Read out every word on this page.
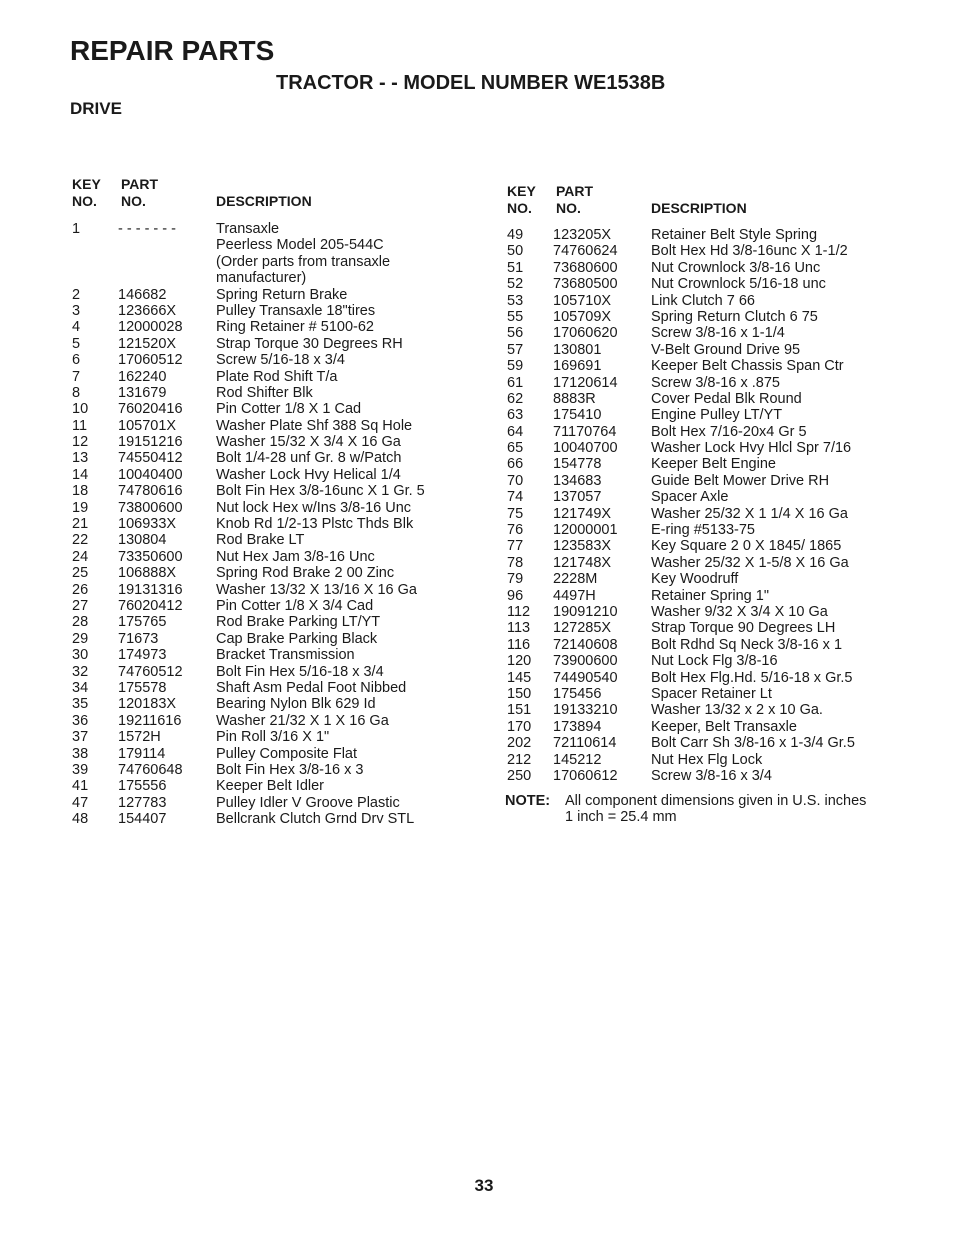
REPAIR PARTS
TRACTOR - - MODEL NUMBER WE1538B
DRIVE
KEY
NO.
PART
NO.	DESCRIPTION
KEY
NO.
PART
NO.	DESCRIPTION
1	- - - - - - -	Transaxle
Peerless Model 205-544C
(Order parts from transaxle
manufacturer)
2	146682	Spring Return Brake
3	123666X	Pulley Transaxle 18"tires
4	12000028	Ring Retainer # 5100-62
5	121520X	Strap Torque 30 Degrees RH
6	17060512	Screw 5/16-18 x 3/4
7	162240	Plate Rod Shift T/a
8	131679	Rod Shifter Blk
10	76020416	Pin Cotter 1/8 X 1 Cad
11	105701X	Washer Plate Shf 388 Sq Hole
12	19151216	Washer 15/32 X 3/4 X 16 Ga
13	74550412	Bolt 1/4-28 unf Gr. 8 w/Patch
14	10040400	Washer Lock Hvy Helical 1/4
18	74780616	Bolt Fin Hex 3/8-16unc X 1 Gr. 5
19	73800600	Nut lock Hex w/Ins 3/8-16 Unc
21	106933X	Knob Rd 1/2-13 Plstc Thds Blk
22	130804	Rod Brake LT
24	73350600	Nut Hex Jam 3/8-16 Unc
25	106888X	Spring Rod Brake 2 00 Zinc
26	19131316	Washer 13/32 X 13/16 X 16 Ga
27	76020412	Pin Cotter 1/8 X 3/4 Cad
28	175765	Rod Brake Parking LT/YT
29	71673	Cap Brake Parking Black
30	174973	Bracket Transmission
32	74760512	Bolt Fin Hex 5/16-18 x 3/4
34	175578	Shaft Asm Pedal Foot Nibbed
35	120183X	Bearing Nylon Blk 629 Id
36	19211616	Washer 21/32 X 1 X 16 Ga
37	1572H	Pin Roll 3/16 X 1"
38	179114	Pulley Composite Flat
39	74760648	Bolt Fin Hex 3/8-16 x 3
41	175556	Keeper Belt Idler
47	127783	Pulley Idler V Groove Plastic
48	154407	Bellcrank Clutch Grnd Drv STL
49	123205X	Retainer Belt Style Spring
50	74760624	Bolt Hex Hd 3/8-16unc X 1-1/2
51	73680600	Nut Crownlock 3/8-16 Unc
52	73680500	Nut Crownlock 5/16-18 unc
53	105710X	Link Clutch 7 66
55	105709X	Spring Return Clutch 6 75
56	17060620	Screw 3/8-16 x 1-1/4
57	130801	V-Belt Ground Drive 95
59	169691	Keeper Belt Chassis Span Ctr
61	17120614	Screw 3/8-16 x .875
62	8883R	Cover Pedal Blk Round
63	175410	Engine Pulley LT/YT
64	71170764	Bolt Hex 7/16-20x4 Gr 5
65	10040700	Washer Lock Hvy Hlcl Spr 7/16
66	154778	Keeper Belt Engine
70	134683	Guide Belt Mower Drive RH
74	137057	Spacer Axle
75	121749X	Washer 25/32 X 1 1/4 X 16 Ga
76	12000001	E-ring #5133-75
77	123583X	Key Square 2 0 X 1845/ 1865
78	121748X	Washer 25/32 X 1-5/8 X 16 Ga
79	2228M	Key Woodruff
96	4497H	Retainer Spring 1"
112	19091210	Washer 9/32 X 3/4 X 10 Ga
113	127285X	Strap Torque 90 Degrees LH
116	72140608	Bolt Rdhd Sq Neck 3/8-16 x 1
120	73900600	Nut Lock Flg 3/8-16
145	74490540	Bolt Hex Flg.Hd. 5/16-18 x Gr.5
150	175456	Spacer Retainer Lt
151	19133210	Washer 13/32 x 2 x 10 Ga.
170	173894	Keeper, Belt Transaxle
202	72110614	Bolt Carr Sh 3/8-16 x 1-3/4 Gr.5
212	145212	Nut Hex Flg Lock
250	17060612	Screw 3/8-16 x 3/4
NOTE:	All component dimensions given in U.S. inches
1 inch = 25.4 mm
33
